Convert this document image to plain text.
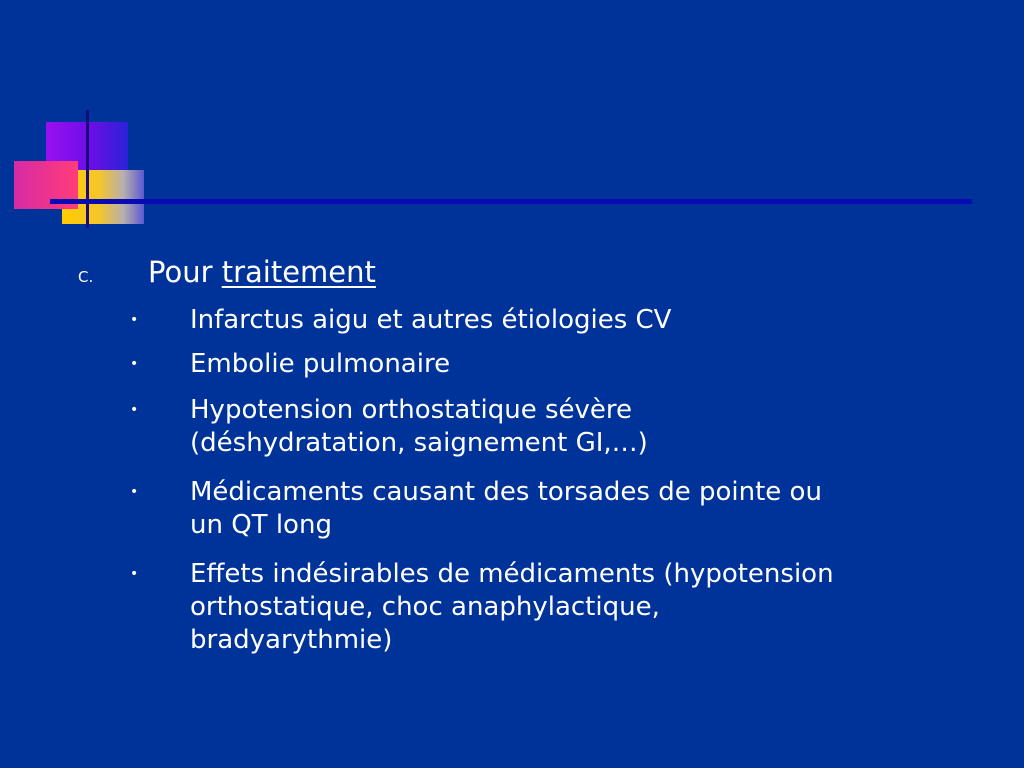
C. Pour traitement
• Infarctus aigu et autres étiologies CV
• Embolie pulmonaire
• Hypotension orthostatique sévère
(déshydratation, saignement GI,…)
• Médicaments causant des torsades de pointe ou
un QT long
• Effets indésirables de médicaments (hypotension
orthostatique, choc anaphylactique,
bradyarythmie)
